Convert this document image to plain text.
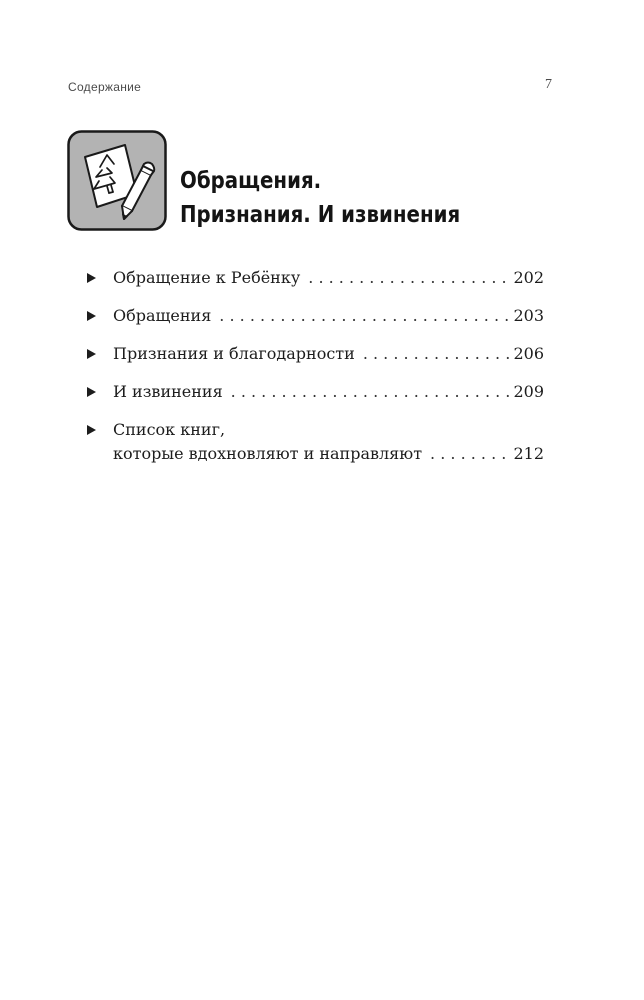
Содержание	7
Обращения.
Признания. И извинения
Обращение к Ребёнку . . .	202
Обращения . . .	203
Признания и благодарности . . .	206
И извинения . . .	209
Список книг,
которые вдохновляют и направляют . . .	212
